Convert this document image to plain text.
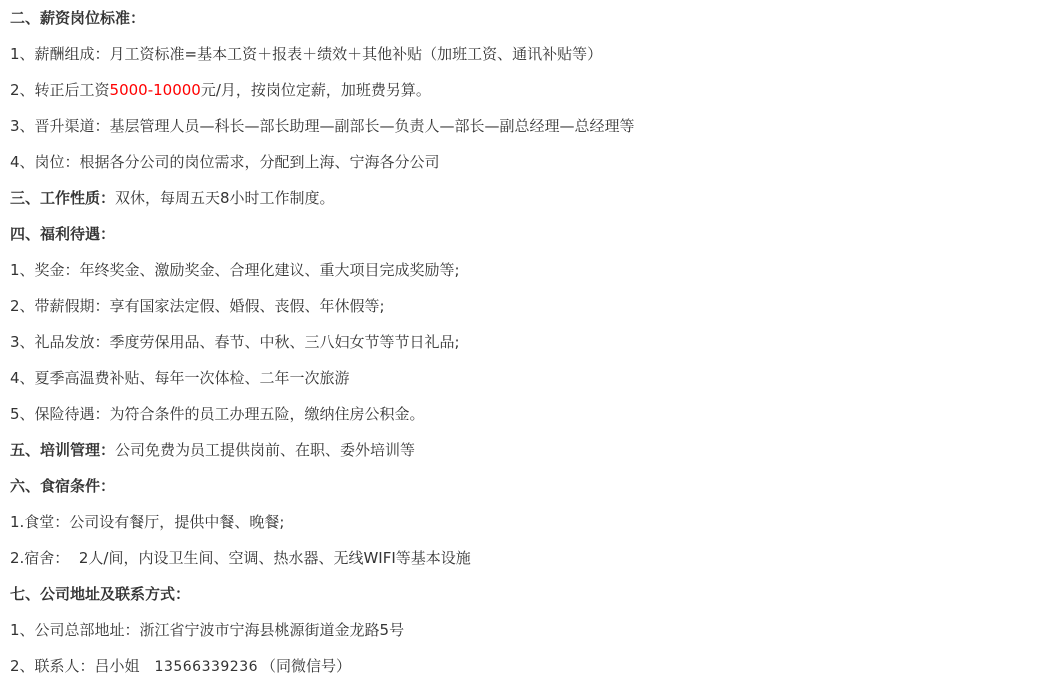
二、薪资岗位标准：

1、薪酬组成：月工资标准=基本工资＋报表＋绩效＋其他补贴（加班工资、通讯补贴等）

2、转正后工资5000-10000元/月，按岗位定薪，加班费另算。

3、晋升渠道：基层管理人员—科长—部长助理—副部长—负责人—部长—副总经理—总经理等

4、岗位：根据各分公司的岗位需求，分配到上海、宁海各分公司

三、工作性质：双休，每周五天8小时工作制度。

四、福利待遇：

1、奖金：年终奖金、激励奖金、合理化建议、重大项目完成奖励等;

2、带薪假期：享有国家法定假、婚假、丧假、年休假等;

3、礼品发放：季度劳保用品、春节、中秋、三八妇女节等节日礼品;

4、夏季高温费补贴、每年一次体检、二年一次旅游

5、保险待遇：为符合条件的员工办理五险，缴纳住房公积金。

五、培训管理：公司免费为员工提供岗前、在职、委外培训等

六、食宿条件：

1.食堂：公司设有餐厅，提供中餐、晚餐;

2.宿舍：  2人/间，内设卫生间、空调、热水器、无线WIFI等基本设施

七、公司地址及联系方式：

1、公司总部地址：浙江省宁波市宁海县桃源街道金龙路5号

2、联系人：吕小姐 13566339236 （同微信号）
